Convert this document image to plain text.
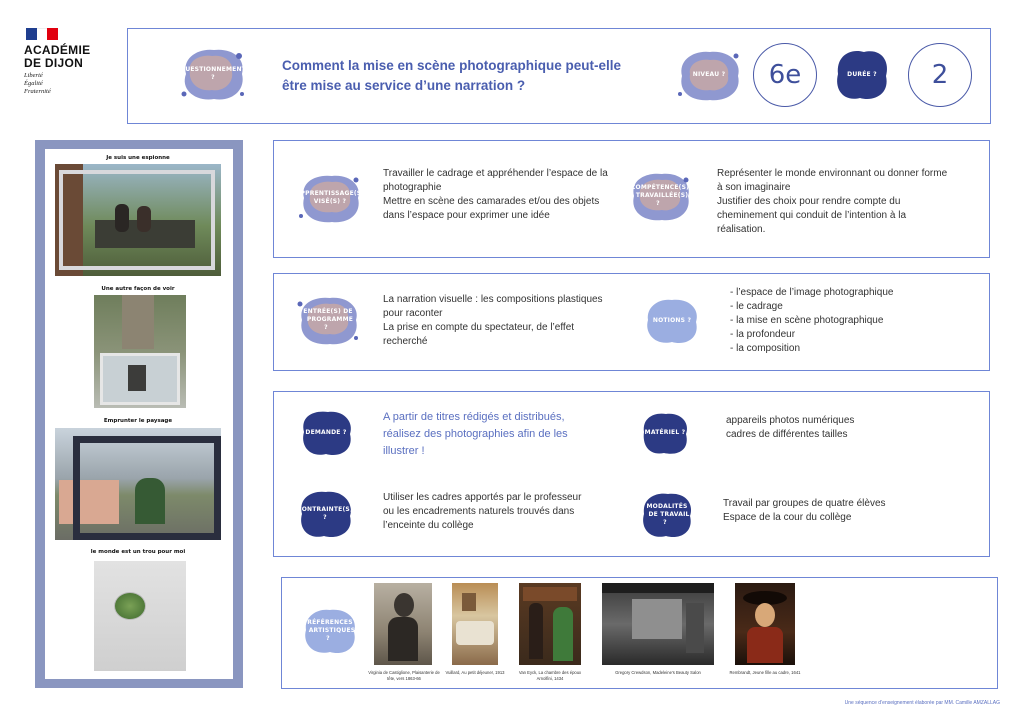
ACADÉMIE
DE DIJON
Liberté
Égalité
Fraternité
QUESTIONNEMENT ?
Comment la mise en scène photographique peut-elle
être mise au service d’une narration ?
NIVEAU ?	6e	DURÉE ?	2
Je suis une espionne
Une autre façon de voir
Emprunter le paysage
le monde est un trou pour moi
APPRENTISSAGE(S)
VISÉ(S) ?
Travailler le cadrage et appréhender l’espace de la
photographie
Mettre en scène des camarades et/ou des objets
dans l’espace pour exprimer une idée
COMPÉTENCE(S)
TRAVAILLÉE(S) ?
Représenter le monde environnant ou donner forme
à son imaginaire
Justifier des choix pour rendre compte du
cheminement qui conduit de l’intention à la
réalisation.
ENTRÉE(S) DE
PROGRAMME ?
La narration visuelle : les compositions plastiques
pour raconter
La prise en compte du spectateur, de l’effet
recherché
NOTIONS ?
- l’espace de l’image photographique
- le cadrage
- la mise en scène photographique
- la profondeur
- la composition
DEMANDE ?
A partir de titres rédigés et distribués,
réalisez des photographies afin de les
illustrer !
MATÉRIEL ?
appareils photos numériques
cadres de différentes tailles
CONTRAINTE(S) ?
Utiliser les cadres apportés par le professeur
ou les encadrements naturels trouvés dans
l’enceinte du collège
MODALITÉS
DE TRAVAIL ?
Travail par groupes de quatre élèves
Espace de la cour du collège
RÉFÉRENCES
ARTISTIQUES ?
Virginia de Castiglione, Plaisanterie de
tête, vers 1863-66
Vuillard, Au petit déjeuner, 1913	Van Eyck, La chambre des époux
Arnolfini, 1434
Gregory Crewdson, Madeleine's Beauty Salon	Rembrandt, Jeune fille au cadre, 1641
Une séquence d’enseignement élaborée par MM. Camille AMZALLAG
